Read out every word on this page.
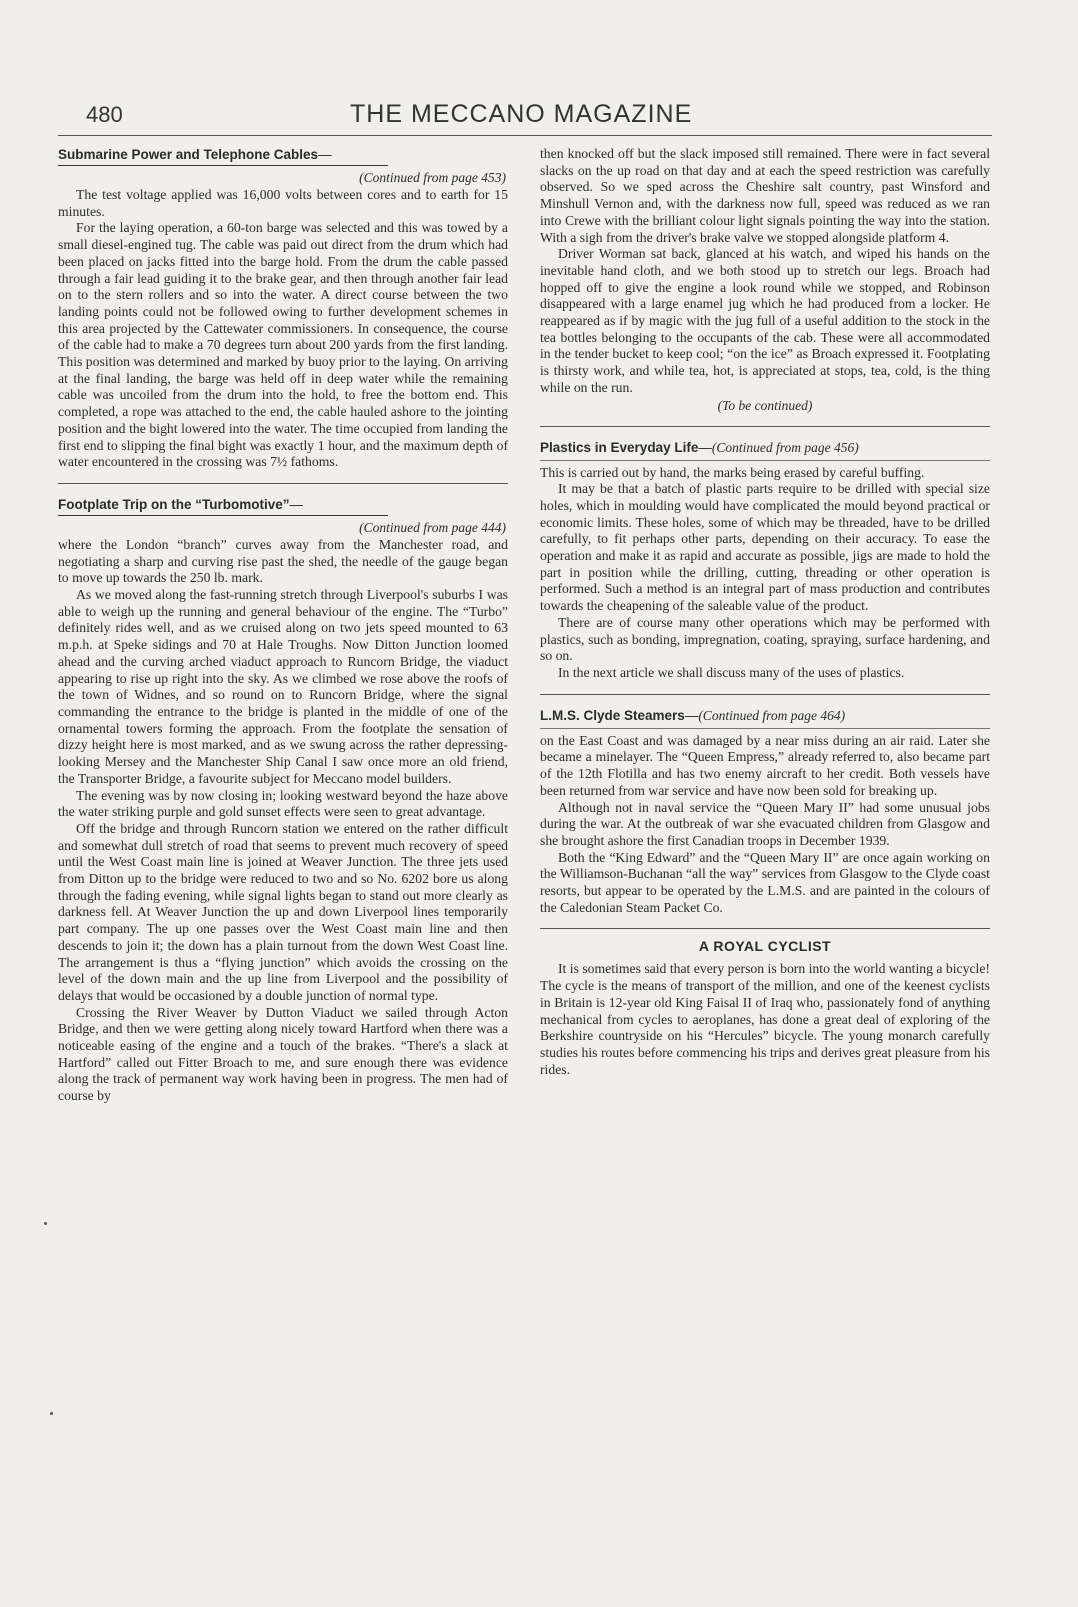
480	THE MECCANO MAGAZINE
Submarine Power and Telephone Cables—
(Continued from page 453)

The test voltage applied was 16,000 volts between cores and to earth for 15 minutes.

For the laying operation, a 60-ton barge was selected and this was towed by a small diesel-engined tug. The cable was paid out direct from the drum which had been placed on jacks fitted into the barge hold. From the drum the cable passed through a fair lead guiding it to the brake gear, and then through another fair lead on to the stern rollers and so into the water. A direct course between the two landing points could not be followed owing to further development schemes in this area projected by the Cattewater commissioners. In consequence, the course of the cable had to make a 70 degrees turn about 200 yards from the first landing. This position was determined and marked by buoy prior to the laying. On arriving at the final landing, the barge was held off in deep water while the remaining cable was uncoiled from the drum into the hold, to free the bottom end. This completed, a rope was attached to the end, the cable hauled ashore to the jointing position and the bight lowered into the water. The time occupied from landing the first end to slipping the final bight was exactly 1 hour, and the maximum depth of water encountered in the crossing was 7½ fathoms.

Footplate Trip on the “Turbomotive”—
(Continued from page 444)

where the London “branch” curves away from the Manchester road, and negotiating a sharp and curving rise past the shed, the needle of the gauge began to move up towards the 250 lb. mark.

As we moved along the fast-running stretch through Liverpool's suburbs I was able to weigh up the running and general behaviour of the engine. The “Turbo” definitely rides well, and as we cruised along on two jets speed mounted to 63 m.p.h. at Speke sidings and 70 at Hale Troughs. Now Ditton Junction loomed ahead and the curving arched viaduct approach to Runcorn Bridge, the viaduct appearing to rise up right into the sky. As we climbed we rose above the roofs of the town of Widnes, and so round on to Runcorn Bridge, where the signal commanding the entrance to the bridge is planted in the middle of one of the ornamental towers forming the approach. From the footplate the sensation of dizzy height here is most marked, and as we swung across the rather depressing-looking Mersey and the Manchester Ship Canal I saw once more an old friend, the Transporter Bridge, a favourite subject for Meccano model builders.

The evening was by now closing in; looking westward beyond the haze above the water striking purple and gold sunset effects were seen to great advantage.

Off the bridge and through Runcorn station we entered on the rather difficult and somewhat dull stretch of road that seems to prevent much recovery of speed until the West Coast main line is joined at Weaver Junction. The three jets used from Ditton up to the bridge were reduced to two and so No. 6202 bore us along through the fading evening, while signal lights began to stand out more clearly as darkness fell. At Weaver Junction the up and down Liverpool lines temporarily part company. The up one passes over the West Coast main line and then descends to join it; the down has a plain turnout from the down West Coast line. The arrangement is thus a “flying junction” which avoids the crossing on the level of the down main and the up line from Liverpool and the possibility of delays that would be occasioned by a double junction of normal type.

Crossing the River Weaver by Dutton Viaduct we sailed through Acton Bridge, and then we were getting along nicely toward Hartford when there was a noticeable easing of the engine and a touch of the brakes. “There's a slack at Hartford” called out Fitter Broach to me, and sure enough there was evidence along the track of permanent way work having been in progress. The men had of course by

then knocked off but the slack imposed still remained. There were in fact several slacks on the up road on that day and at each the speed restriction was carefully observed. So we sped across the Cheshire salt country, past Winsford and Minshull Vernon and, with the darkness now full, speed was reduced as we ran into Crewe with the brilliant colour light signals pointing the way into the station. With a sigh from the driver's brake valve we stopped alongside platform 4.

Driver Worman sat back, glanced at his watch, and wiped his hands on the inevitable hand cloth, and we both stood up to stretch our legs. Broach had hopped off to give the engine a look round while we stopped, and Robinson disappeared with a large enamel jug which he had produced from a locker. He reappeared as if by magic with the jug full of a useful addition to the stock in the tea bottles belonging to the occupants of the cab. These were all accommodated in the tender bucket to keep cool; “on the ice” as Broach expressed it. Footplating is thirsty work, and while tea, hot, is appreciated at stops, tea, cold, is the thing while on the run.

(To be continued)

Plastics in Everyday Life—(Continued from page 456)

This is carried out by hand, the marks being erased by careful buffing.

It may be that a batch of plastic parts require to be drilled with special size holes, which in moulding would have complicated the mould beyond practical or economic limits. These holes, some of which may be threaded, have to be drilled carefully, to fit perhaps other parts, depending on their accuracy. To ease the operation and make it as rapid and accurate as possible, jigs are made to hold the part in position while the drilling, cutting, threading or other operation is performed. Such a method is an integral part of mass production and contributes towards the cheapening of the saleable value of the product.

There are of course many other operations which may be performed with plastics, such as bonding, impregnation, coating, spraying, surface hardening, and so on.

In the next article we shall discuss many of the uses of plastics.

L.M.S. Clyde Steamers—(Continued from page 464)

on the East Coast and was damaged by a near miss during an air raid. Later she became a minelayer. The “Queen Empress,” already referred to, also became part of the 12th Flotilla and has two enemy aircraft to her credit. Both vessels have been returned from war service and have now been sold for breaking up.

Although not in naval service the “Queen Mary II” had some unusual jobs during the war. At the outbreak of war she evacuated children from Glasgow and she brought ashore the first Canadian troops in December 1939.

Both the “King Edward” and the “Queen Mary II” are once again working on the Williamson-Buchanan “all the way” services from Glasgow to the Clyde coast resorts, but appear to be operated by the L.M.S. and are painted in the colours of the Caledonian Steam Packet Co.

A ROYAL CYCLIST

It is sometimes said that every person is born into the world wanting a bicycle! The cycle is the means of transport of the million, and one of the keenest cyclists in Britain is 12-year old King Faisal II of Iraq who, passionately fond of anything mechanical from cycles to aeroplanes, has done a great deal of exploring of the Berkshire countryside on his “Hercules” bicycle. The young monarch carefully studies his routes before commencing his trips and derives great pleasure from his rides.
